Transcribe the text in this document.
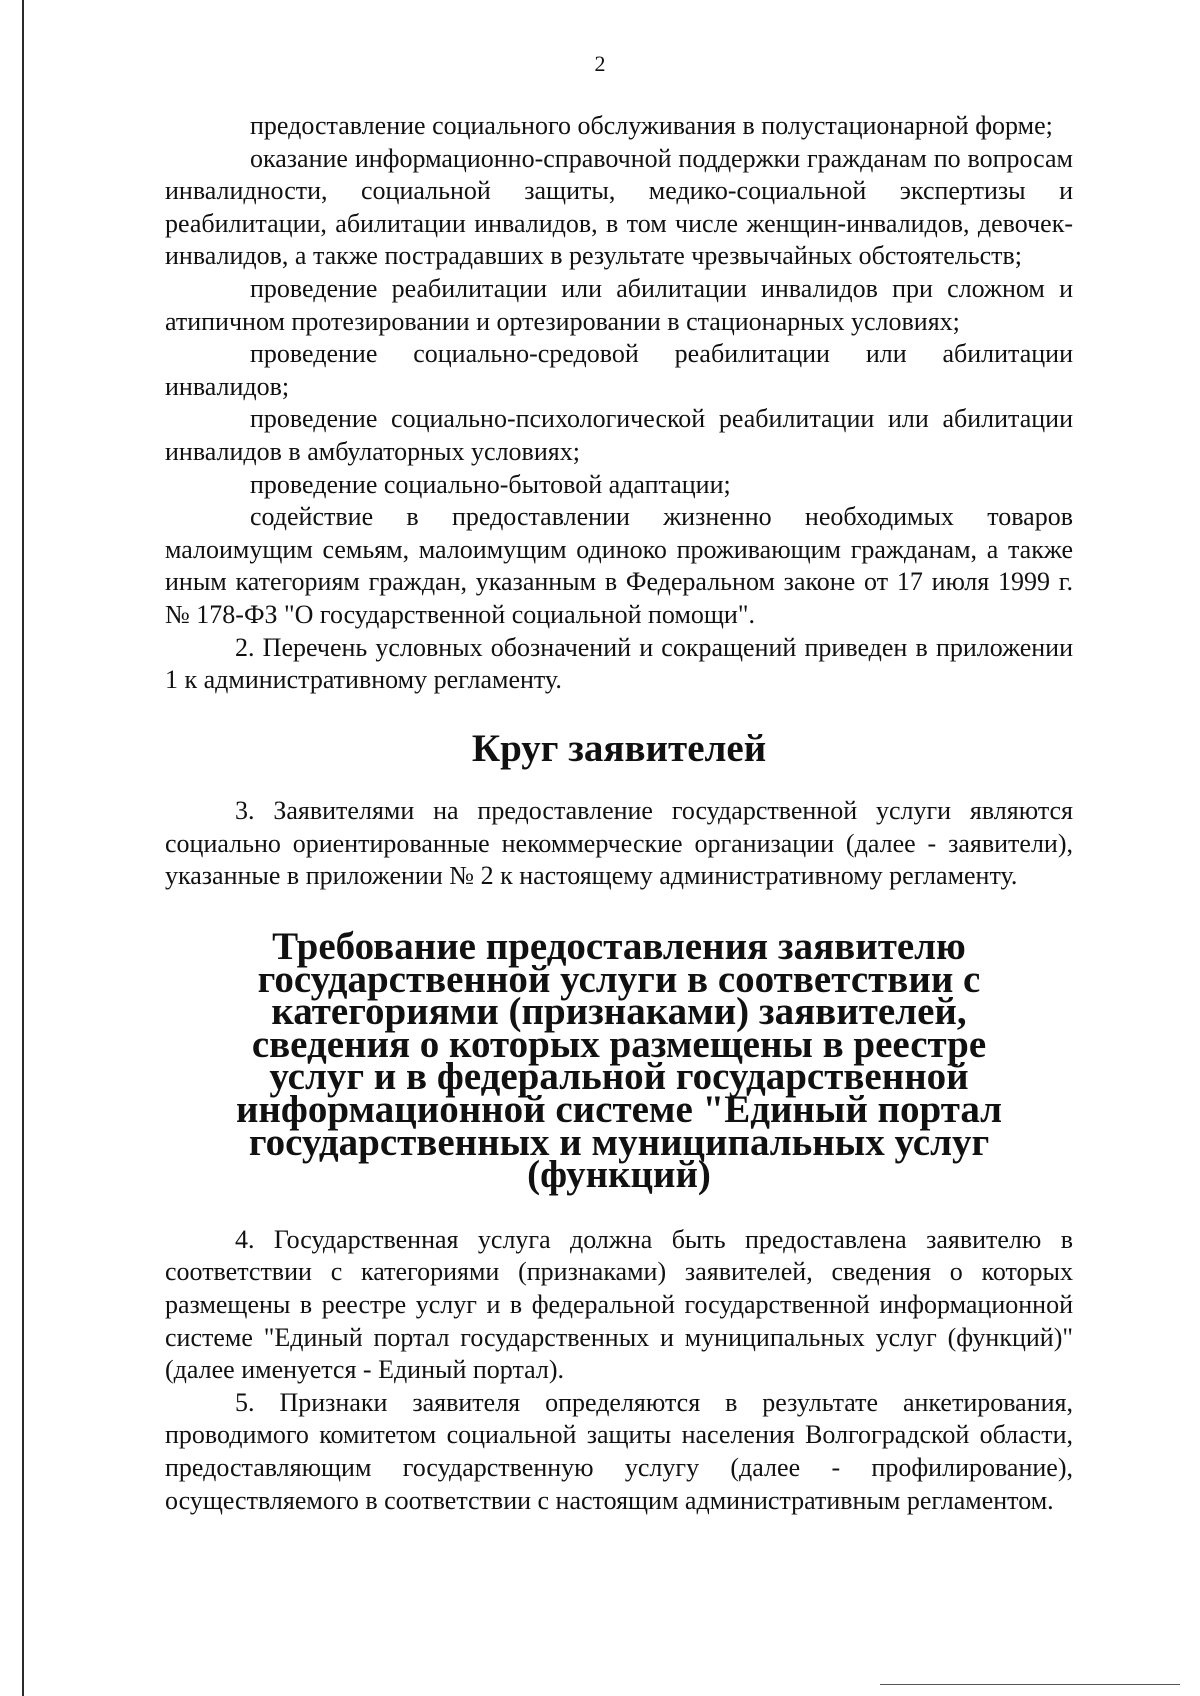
2

предоставление социального обслуживания в полустационарной форме;

оказание информационно-справочной поддержки гражданам по вопросам инвалидности, социальной защиты, медико-социальной экспертизы и реабилитации, абилитации инвалидов, в том числе женщин-инвалидов, девочек-инвалидов, а также пострадавших в результате чрезвычайных обстоятельств;

проведение реабилитации или абилитации инвалидов при сложном и атипичном протезировании и ортезировании в стационарных условиях;

проведение социально-средовой реабилитации или абилитации инвалидов;

проведение социально-психологической реабилитации или абилитации инвалидов в амбулаторных условиях;

проведение социально-бытовой адаптации;

содействие в предоставлении жизненно необходимых товаров малоимущим семьям, малоимущим одиноко проживающим гражданам, а также иным категориям граждан, указанным в Федеральном законе от 17 июля 1999 г. № 178-ФЗ "О государственной социальной помощи".

2. Перечень условных обозначений и сокращений приведен в приложении 1 к административному регламенту.

Круг заявителей

3. Заявителями на предоставление государственной услуги являются социально ориентированные некоммерческие организации (далее - заявители), указанные в приложении № 2 к настоящему административному регламенту.

Требование предоставления заявителю государственной услуги в соответствии с категориями (признаками) заявителей, сведения о которых размещены в реестре услуг и в федеральной государственной информационной системе "Единый портал государственных и муниципальных услуг (функций)

4. Государственная услуга должна быть предоставлена заявителю в соответствии с категориями (признаками) заявителей, сведения о которых размещены в реестре услуг и в федеральной государственной информационной системе "Единый портал государственных и муниципальных услуг (функций)" (далее именуется - Единый портал).

5. Признаки заявителя определяются в результате анкетирования, проводимого комитетом социальной защиты населения Волгоградской области, предоставляющим государственную услугу (далее - профилирование), осуществляемого в соответствии с настоящим административным регламентом.
